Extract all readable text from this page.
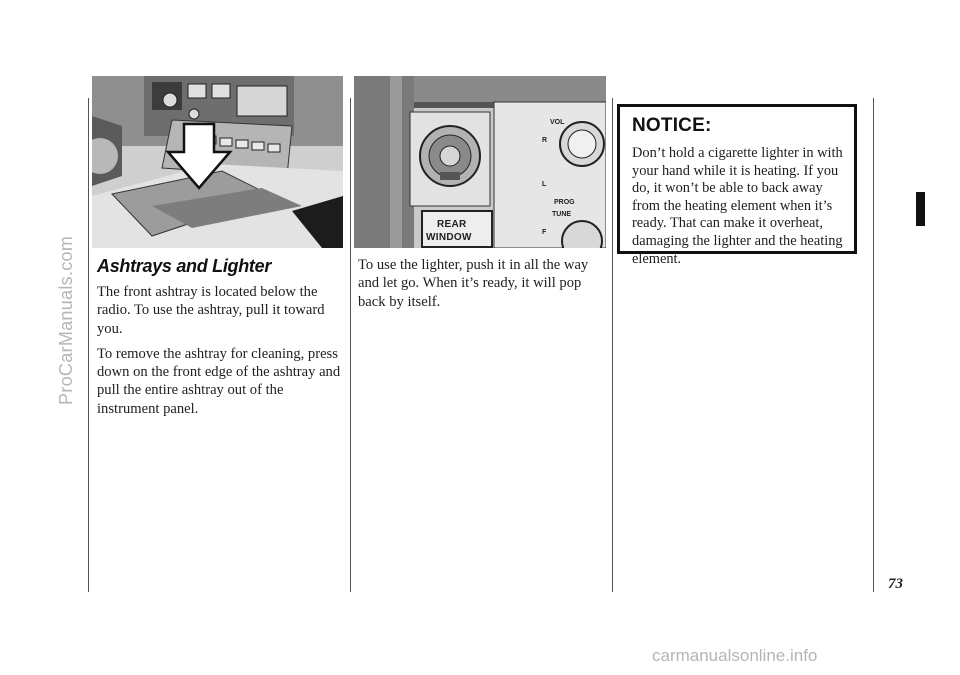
VOL
R
L
PROG
TUNE
F
REAR
WINDOW
Ashtrays and Lighter

The front ashtray is located below the radio. To use the ashtray, pull it toward you.

To remove the ashtray for cleaning, press down on the front edge of the ashtray and pull the entire ashtray out of the instrument panel.

To use the lighter, push it in all the way and let go. When it’s ready, it will pop back by itself.
NOTICE:
Don’t hold a cigarette lighter in with your hand while it is heating. If you do, it won’t be able to back away from the heating element when it’s ready. That can make it overheat, damaging the lighter and the heating element.
73
ProCarManuals.com
carmanualsonline.info
